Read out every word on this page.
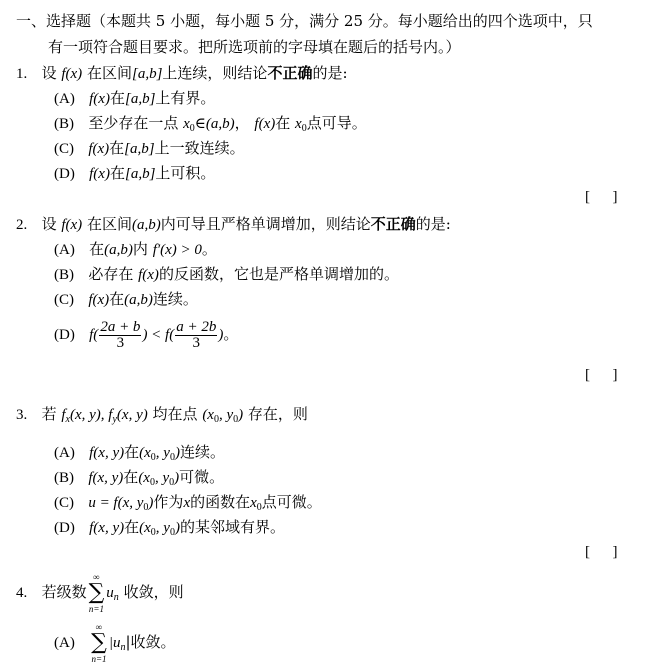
一、选择题（本题共 5 小题，每小题 5 分，满分 25 分。每小题给出的四个选项中，只
有一项符合题目要求。把所选项前的字母填在题后的括号内。）
1. 设 f(x) 在区间[a,b]上连续，则结论不正确的是:
(A) f(x)在[a,b]上有界。
(B) 至少存在一点 $x_0\in(a,b)$， f(x)在 $x_0$点可导。
(C) f(x)在[a,b]上一致连续。
(D) f(x)在[a,b]上可积。
[      ]
2. 设 f(x) 在区间(a,b)内可导且严格单调增加，则结论不正确的是:
(A) 在(a,b)内 f′(x) > 0。
(B) 必存在 f(x)的反函数，它也是严格单调增加的。
(C) f(x)在(a,b)连续。
(D) $f( \frac{2a + b}{3}$ ) < $f( \frac{a + 2b}{3}$ )。
[      ]
3. 若 $f_x(x$, y), $f_y(x$, y) 均在点 ($x_0$, $y_0$) 存在，则
(A) f(x, y)在($x_0$, $y_0$)连续。
(B) f(x, y)在($x_0$, $y_0$)可微。
(C) u = f(x, $y_0$)作为x的函数在$x_0$点可微。
(D) f(x, y)在($x_0$, $y_0$)的某邻域有界。
[      ]
4. 若级数
∞
∑
n=1
$u_n$ 收敛，则
(A)
∞
∑
n=1
$|u_n|$收敛。
